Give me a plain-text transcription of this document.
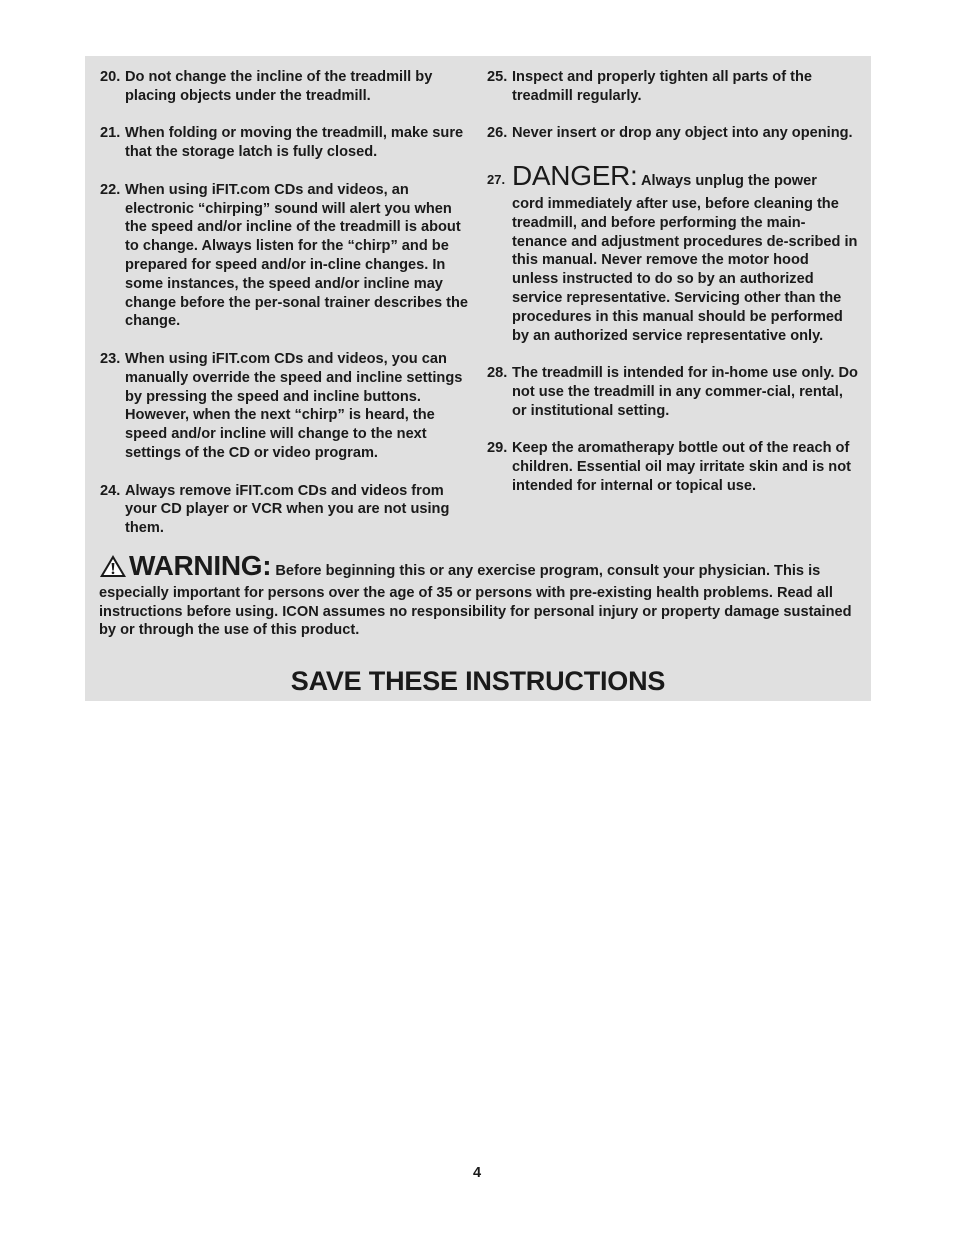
20. Do not change the incline of the treadmill by placing objects under the treadmill.
21. When folding or moving the treadmill, make sure that the storage latch is fully closed.
22. When using iFIT.com CDs and videos, an electronic “chirping” sound will alert you when the speed and/or incline of the treadmill is about to change. Always listen for the “chirp” and be prepared for speed and/or in-cline changes. In some instances, the speed and/or incline may change before the per-sonal trainer describes the change.
23. When using iFIT.com CDs and videos, you can manually override the speed and incline settings by pressing the speed and incline buttons. However, when the next “chirp” is heard, the speed and/or incline will change to the next settings of the CD or video program.
24. Always remove iFIT.com CDs and videos from your CD player or VCR when you are not using them.
25. Inspect and properly tighten all parts of the treadmill regularly.
26. Never insert or drop any object into any opening.
27. DANGER: Always unplug the power
cord immediately after use, before cleaning the treadmill, and before performing the main-tenance and adjustment procedures de-scribed in this manual. Never remove the motor hood unless instructed to do so by an authorized service representative. Servicing other than the procedures in this manual should be performed by an authorized service representative only.
28. The treadmill is intended for in-home use only. Do not use the treadmill in any commer-cial, rental, or institutional setting.
29. Keep the aromatherapy bottle out of the reach of children. Essential oil may irritate skin and is not intended for internal or topical use.
WARNING: Before beginning this or any exercise program, consult your physician. This is especially important for persons over the age of 35 or persons with pre-existing health problems. Read all instructions before using. ICON assumes no responsibility for personal injury or property damage sustained by or through the use of this product.
SAVE THESE INSTRUCTIONS
4
